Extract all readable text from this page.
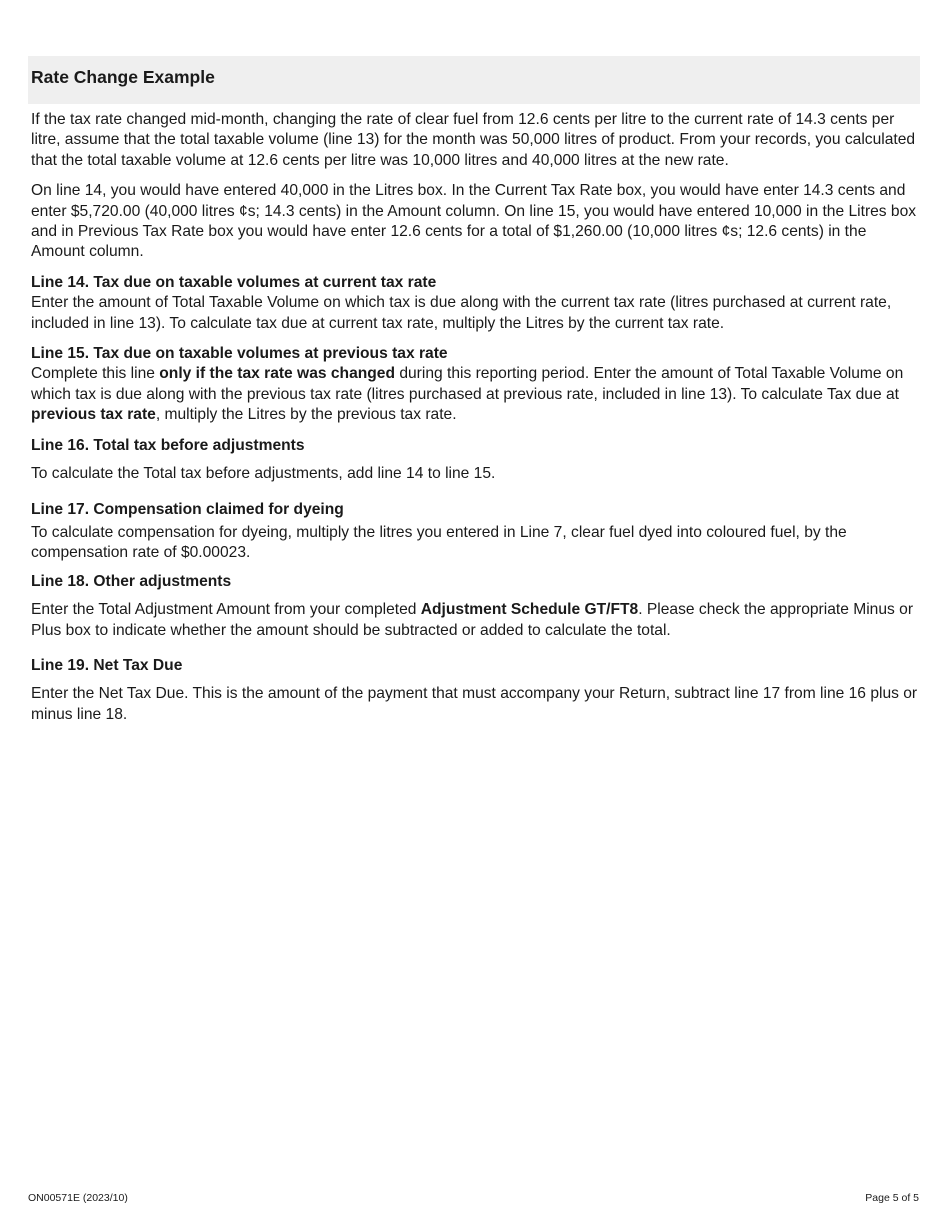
Rate Change Example

If the tax rate changed mid-month, changing the rate of clear fuel from 12.6 cents per litre to the current rate of 14.3 cents per litre, assume that the total taxable volume (line 13) for the month was 50,000 litres of product. From your records, you calculated that the total taxable volume at 12.6 cents per litre was 10,000 litres and 40,000 litres at the new rate.

On line 14, you would have entered 40,000 in the Litres box. In the Current Tax Rate box, you would have enter 14.3 cents and enter $5,720.00 (40,000 litres ¢s; 14.3 cents) in the Amount column. On line 15, you would have entered 10,000 in the Litres box and in Previous Tax Rate box you would have enter 12.6 cents for a total of $1,260.00 (10,000 litres ¢s; 12.6 cents) in the Amount column.

Line 14. Tax due on taxable volumes at current tax rate

Enter the amount of Total Taxable Volume on which tax is due along with the current tax rate (litres purchased at current rate, included in line 13). To calculate tax due at current tax rate, multiply the Litres by the current tax rate.

Line 15. Tax due on taxable volumes at previous tax rate

Complete this line only if the tax rate was changed during this reporting period. Enter the amount of Total Taxable Volume on which tax is due along with the previous tax rate (litres purchased at previous rate, included in line 13). To calculate Tax due at previous tax rate, multiply the Litres by the previous tax rate.

Line 16. Total tax before adjustments

To calculate the Total tax before adjustments, add line 14 to line 15.

Line 17. Compensation claimed for dyeing

To calculate compensation for dyeing, multiply the litres you entered in Line 7, clear fuel dyed into coloured fuel, by the compensation rate of $0.00023.

Line 18. Other adjustments

Enter the Total Adjustment Amount from your completed Adjustment Schedule GT/FT8. Please check the appropriate Minus or Plus box to indicate whether the amount should be subtracted or added to calculate the total.

Line 19. Net Tax Due

Enter the Net Tax Due. This is the amount of the payment that must accompany your Return, subtract line 17 from line 16 plus or minus line 18.

ON00571E (2023/10)	Page 5 of 5
